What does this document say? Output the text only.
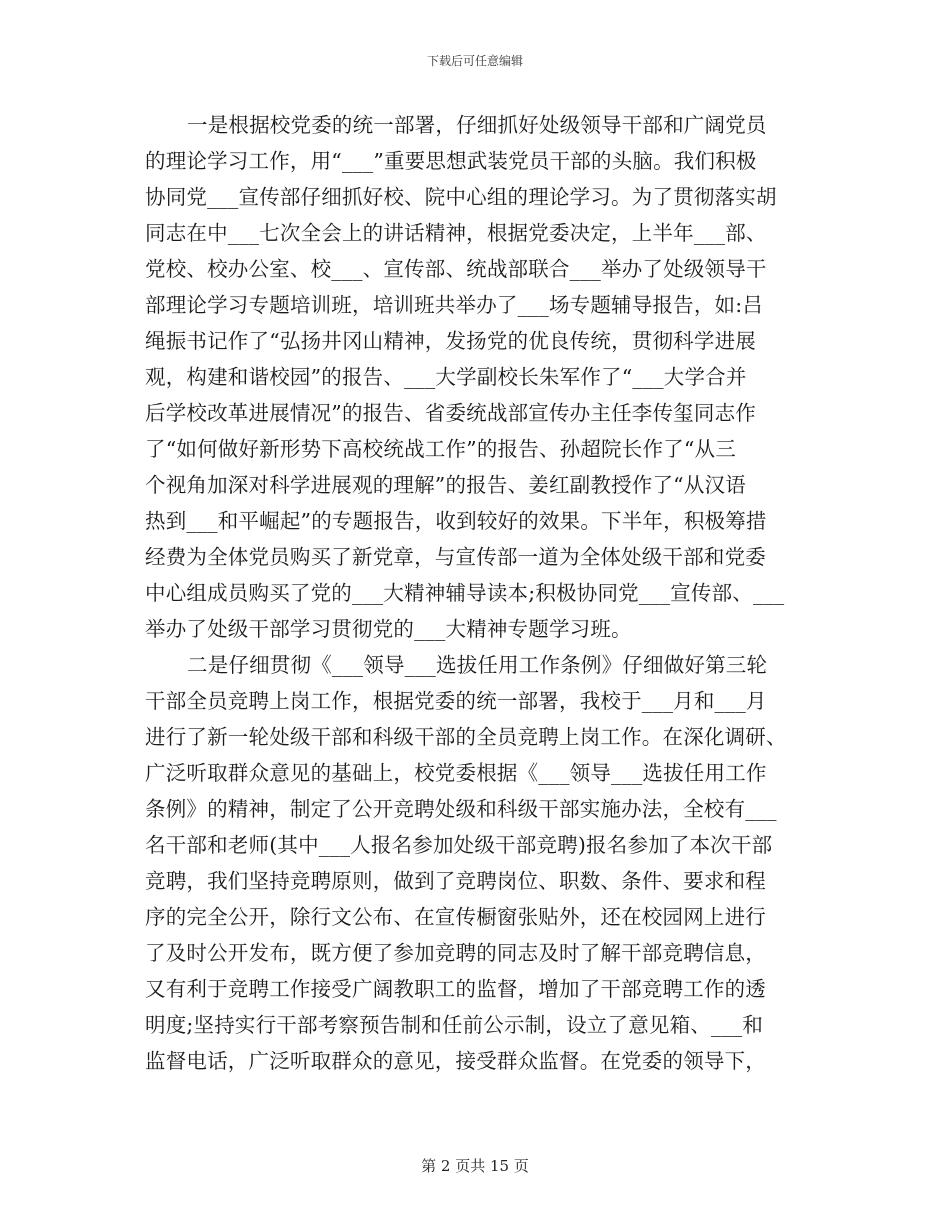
下载后可任意编辑
一是根据校党委的统一部署，仔细抓好处级领导干部和广阔党员
的理论学习工作，用“___”重要思想武装党员干部的头脑。我们积极
协同党___宣传部仔细抓好校、院中心组的理论学习。为了贯彻落实胡
同志在中___七次全会上的讲话精神，根据党委决定，上半年___部、
党校、校办公室、校___、宣传部、统战部联合___举办了处级领导干
部理论学习专题培训班，培训班共举办了___场专题辅导报告，如:吕
绳振书记作了“弘扬井冈山精神，发扬党的优良传统，贯彻科学进展
观，构建和谐校园”的报告、___大学副校长朱军作了“___大学合并
后学校改革进展情况”的报告、省委统战部宣传办主任李传玺同志作
了“如何做好新形势下高校统战工作”的报告、孙超院长作了“从三
个视角加深对科学进展观的理解”的报告、姜红副教授作了“从汉语
热到___和平崛起”的专题报告，收到较好的效果。下半年，积极筹措
经费为全体党员购买了新党章，与宣传部一道为全体处级干部和党委
中心组成员购买了党的___大精神辅导读本;积极协同党___宣传部、___
举办了处级干部学习贯彻党的___大精神专题学习班。
二是仔细贯彻《___领导___选拔任用工作条例》仔细做好第三轮
干部全员竞聘上岗工作，根据党委的统一部署，我校于___月和___月
进行了新一轮处级干部和科级干部的全员竞聘上岗工作。在深化调研、
广泛听取群众意见的基础上，校党委根据《___领导___选拔任用工作
条例》的精神，制定了公开竞聘处级和科级干部实施办法，全校有___
名干部和老师(其中___人报名参加处级干部竞聘)报名参加了本次干部
竞聘，我们坚持竞聘原则，做到了竞聘岗位、职数、条件、要求和程
序的完全公开，除行文公布、在宣传橱窗张贴外，还在校园网上进行
了及时公开发布，既方便了参加竞聘的同志及时了解干部竞聘信息，
又有利于竞聘工作接受广阔教职工的监督，增加了干部竞聘工作的透
明度;坚持实行干部考察预告制和任前公示制，设立了意见箱、___和
监督电话，广泛听取群众的意见，接受群众监督。在党委的领导下，
第 2 页共 15 页
